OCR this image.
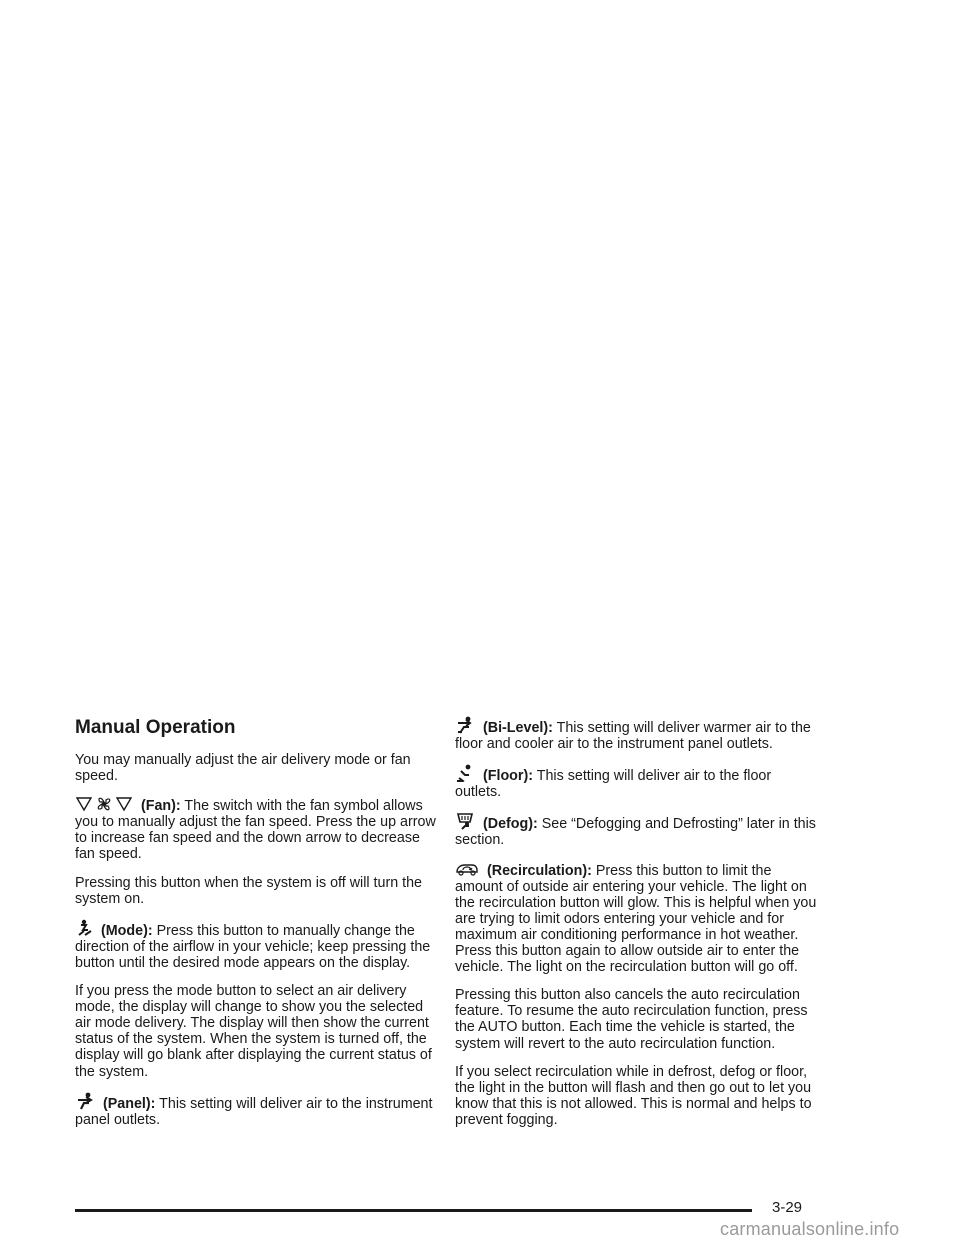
Manual Operation

You may manually adjust the air delivery mode or fan speed.

(Fan): The switch with the fan symbol allows you to manually adjust the fan speed. Press the up arrow to increase fan speed and the down arrow to decrease fan speed.

Pressing this button when the system is off will turn the system on.

(Mode): Press this button to manually change the direction of the airflow in your vehicle; keep pressing the button until the desired mode appears on the display.

If you press the mode button to select an air delivery mode, the display will change to show you the selected air mode delivery. The display will then show the current status of the system. When the system is turned off, the display will go blank after displaying the current status of the system.

(Panel): This setting will deliver air to the instrument panel outlets.

(Bi-Level): This setting will deliver warmer air to the floor and cooler air to the instrument panel outlets.

(Floor): This setting will deliver air to the floor outlets.

(Defog): See “Defogging and Defrosting” later in this section.

(Recirculation): Press this button to limit the amount of outside air entering your vehicle. The light on the recirculation button will glow. This is helpful when you are trying to limit odors entering your vehicle and for maximum air conditioning performance in hot weather. Press this button again to allow outside air to enter the vehicle. The light on the recirculation button will go off.

Pressing this button also cancels the auto recirculation feature. To resume the auto recirculation function, press the AUTO button. Each time the vehicle is started, the system will revert to the auto recirculation function.

If you select recirculation while in defrost, defog or floor, the light in the button will flash and then go out to let you know that this is not allowed. This is normal and helps to prevent fogging.

3-29
carmanualsonline.info
